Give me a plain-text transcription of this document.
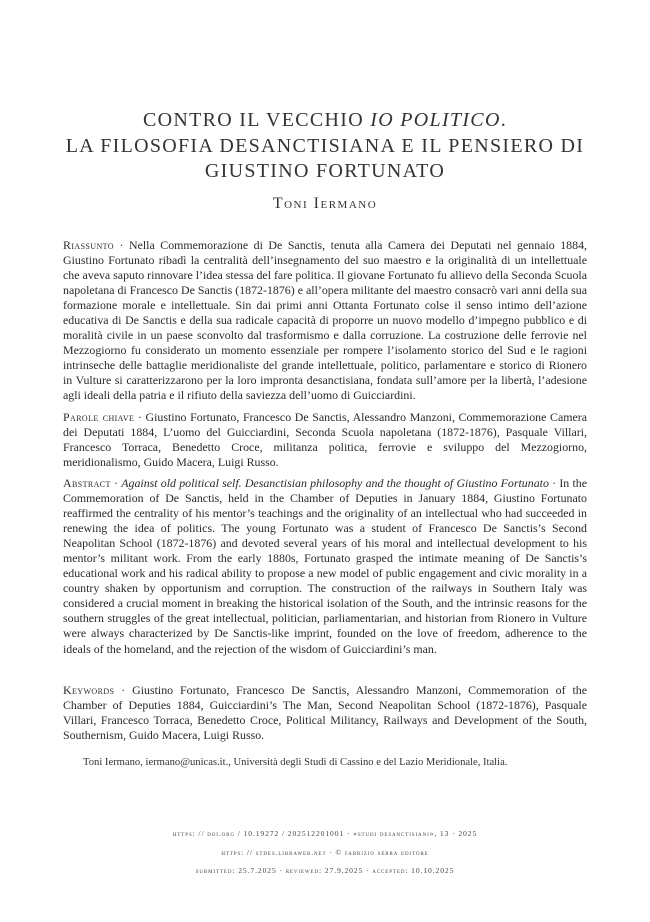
CONTRO IL VECCHIO IO POLITICO.
LA FILOSOFIA DESANCTISIANA E IL PENSIERO DI
GIUSTINO FORTUNATO
Toni Iermano
Riassunto · Nella Commemorazione di De Sanctis, tenuta alla Camera dei Deputati nel gennaio 1884, Giustino Fortunato ribadì la centralità dell’insegnamento del suo maestro e la originalità di un intellettuale che aveva saputo rinnovare l’idea stessa del fare politica. Il giovane Fortunato fu allievo della Seconda Scuola napoletana di Francesco De Sanctis (1872-1876) e all’opera militante del maestro consacrò vari anni della sua formazione morale e intellettuale. Sin dai primi anni Ottanta Fortunato colse il senso intimo dell’azione educativa di De Sanctis e della sua radicale capacità di proporre un nuovo modello d’impegno pubblico e di moralità civile in un paese sconvolto dal trasformismo e dalla corruzione. La costruzione delle ferrovie nel Mezzogiorno fu considerato un momento essenziale per rompere l’isolamento storico del Sud e le ragioni intrinseche delle battaglie meridionaliste del grande intellettuale, politico, parlamentare e storico di Rionero in Vulture si caratterizzarono per la loro impronta desanctisiana, fondata sull’amore per la libertà, l’adesione agli ideali della patria e il rifiuto della saviezza dell’uomo di Guicciardini.
Parole chiave · Giustino Fortunato, Francesco De Sanctis, Alessandro Manzoni, Commemorazione Camera dei Deputati 1884, L’uomo del Guicciardini, Seconda Scuola napoletana (1872-1876), Pasquale Villari, Francesco Torraca, Benedetto Croce, militanza politica, ferrovie e sviluppo del Mezzogiorno, meridionalismo, Guido Macera, Luigi Russo.
Abstract · Against old political self. Desanctisian philosophy and the thought of Giustino Fortunato · In the Commemoration of De Sanctis, held in the Chamber of Deputies in January 1884, Giustino Fortunato reaffirmed the centrality of his mentor’s teachings and the originality of an intellectual who had succeeded in renewing the idea of politics. The young Fortunato was a student of Francesco De Sanctis’s Second Neapolitan School (1872-1876) and devoted several years of his moral and intellectual development to his mentor’s militant work. From the early 1880s, Fortunato grasped the intimate meaning of De Sanctis’s educational work and his radical ability to propose a new model of public engagement and civic morality in a country shaken by opportunism and corruption. The construction of the railways in Southern Italy was considered a crucial moment in breaking the historical isolation of the South, and the intrinsic reasons for the southern struggles of the great intellectual, politician, parliamentarian, and historian from Rionero in Vulture were always characterized by De Sanctis-like imprint, founded on the love of freedom, adherence to the ideals of the homeland, and the rejection of the wisdom of Guicciardini’s man.
Keywords · Giustino Fortunato, Francesco De Sanctis, Alessandro Manzoni, Commemoration of the Chamber of Deputies 1884, Guicciardini’s The Man, Second Neapolitan School (1872-1876), Pasquale Villari, Francesco Torraca, Benedetto Croce, Political Militancy, Railways and Development of the South, Southernism, Guido Macera, Luigi Russo.
Toni Iermano, iermano@unicas.it., Università degli Studi di Cassino e del Lazio Meridionale, Italia.
https: // doi.org / 10.19272 / 202512201001 · «studi desanctisiani», 13 · 2025
https: // stdes.libraweb.net · © fabrizio serra editore
submitted: 25.7.2025 · reviewed: 27.9.2025 · accepted: 10.10.2025
